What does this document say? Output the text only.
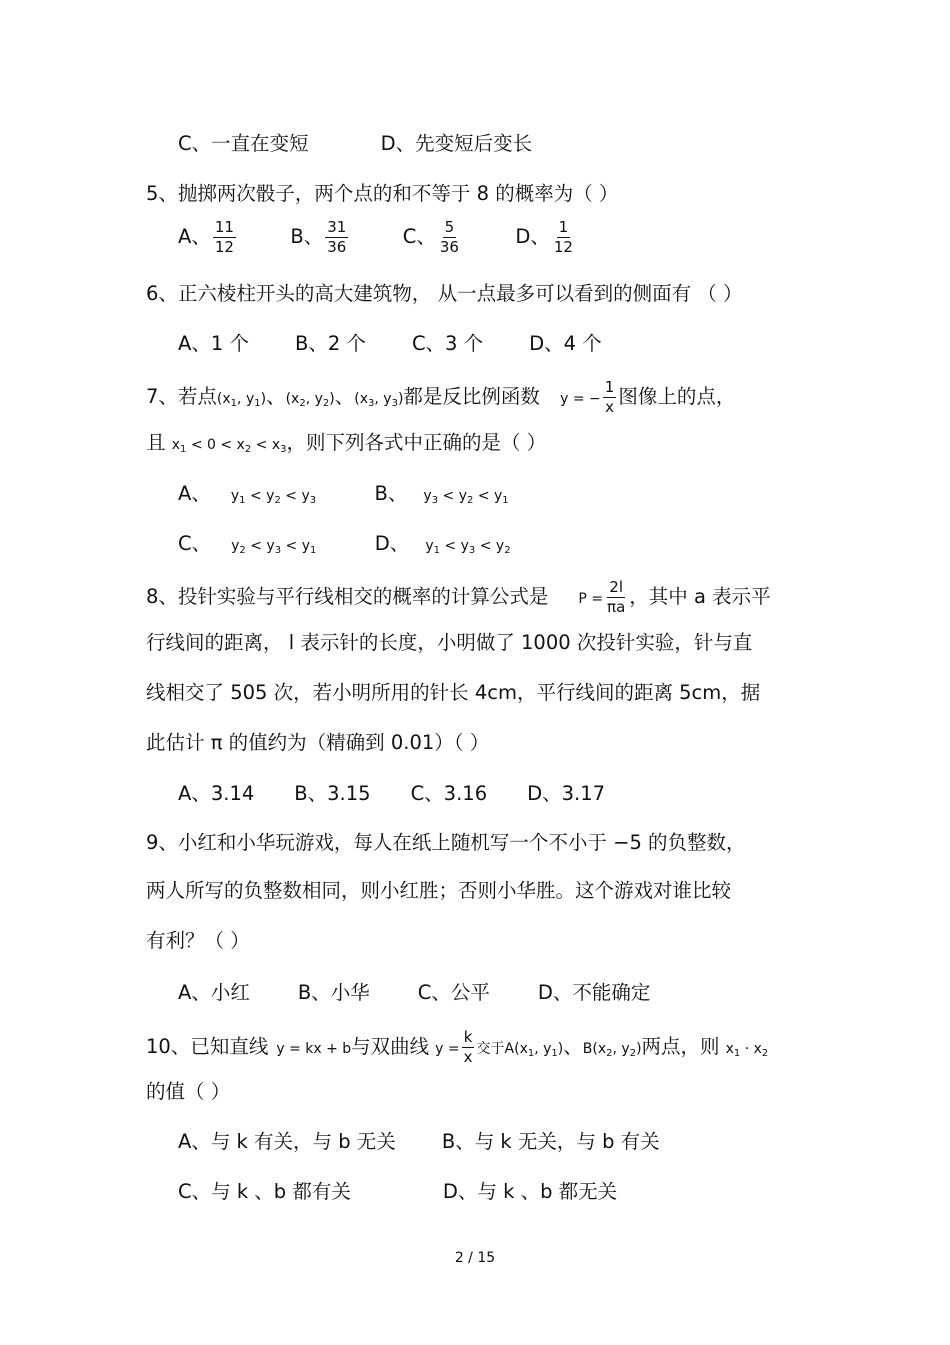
C、一直在变短	D、先变短后变长
5、抛掷两次骰子，两个点的和不等于 8 的概率为（ ）
A、 $\frac{11}{12}$	B、 $\frac{31}{36}$	C、 $\frac{5}{36}$	D、 $\frac{1}{12}$
6、正六棱柱开头的高大建筑物， 从一点最多可以看到的侧面有 （ ）
A、1 个 B、2 个 C、3 个 D、4 个
7、若点($x_1$, $y_1$)、($x_2$, $y_2$)、($x_3$, $y_3$)都是反比例函数 y = − $\frac{1}{x}$ 图像上的点，
且 $x_1 < 0 < x_2 < x_3$，则下列各式中正确的是（ ）
A、 $y_1 < y_2 < y_3$	B、 $y_3 < y_2 < y_1$
C、 $y_2 < y_3 < y_1$	D、 $y_1 < y_3 < y_2$
8、投针实验与平行线相交的概率的计算公式是 $P = \frac{2l}{\pi a}$ ，其中 a 表示平
行线间的距离， l 表示针的长度，小明做了 1000 次投针实验，针与直
线相交了 505 次，若小明所用的针长 4cm，平行线间的距离 5cm，据
此估计 π 的值约为（精确到 0.01）（ ）
A、3.14 B、3.15 C、3.16 D、3.17
9、小红和小华玩游戏，每人在纸上随机写一个不小于 −5 的负整数，
两人所写的负整数相同，则小红胜；否则小华胜。这个游戏对谁比较
有利？（ ）
A、小红 B、小华 C、公平 D、不能确定
10、已知直线 y = kx + b与双曲线 $y = \frac{k}{x}$ 交于$A(x_1$, $y_1$)、$B(x_2$, $y_2$)两点，则 $x_1 \cdot x_2$
的值（ ）
A、与 k 有关，与 b 无关 B、与 k 无关，与 b 有关
C、与 k 、b 都有关	D、与 k 、b 都无关
2 / 15
